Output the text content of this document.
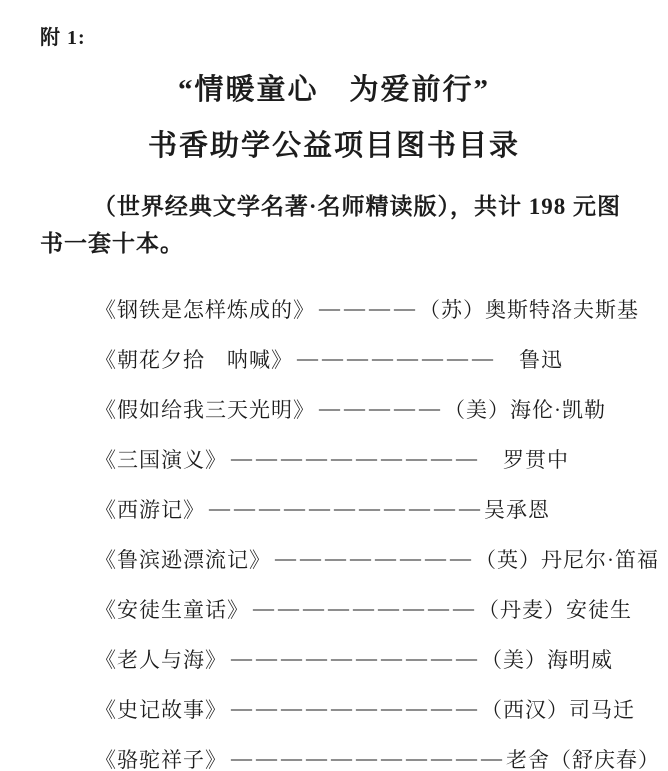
附 1:
“情暖童心　为爱前行”
书香助学公益项目图书目录
（世界经典文学名著·名师精读版），共计 198 元图书一套十本。
《钢铁是怎样炼成的》 ———— （苏）奥斯特洛夫斯基
《朝花夕拾　呐喊》 ———————— 　鲁迅
《假如给我三天光明》 ————— （美）海伦·凯勒
《三国演义》 —————————— 　罗贯中
《西游记》 ——————————— 吴承恩
《鲁滨逊漂流记》 ———————— （英）丹尼尔·笛福
《安徒生童话》 ————————— （丹麦）安徒生
《老人与海》 —————————— （美）海明威
《史记故事》 —————————— （西汉）司马迁
《骆驼祥子》 ——————————— 老舍（舒庆春）
